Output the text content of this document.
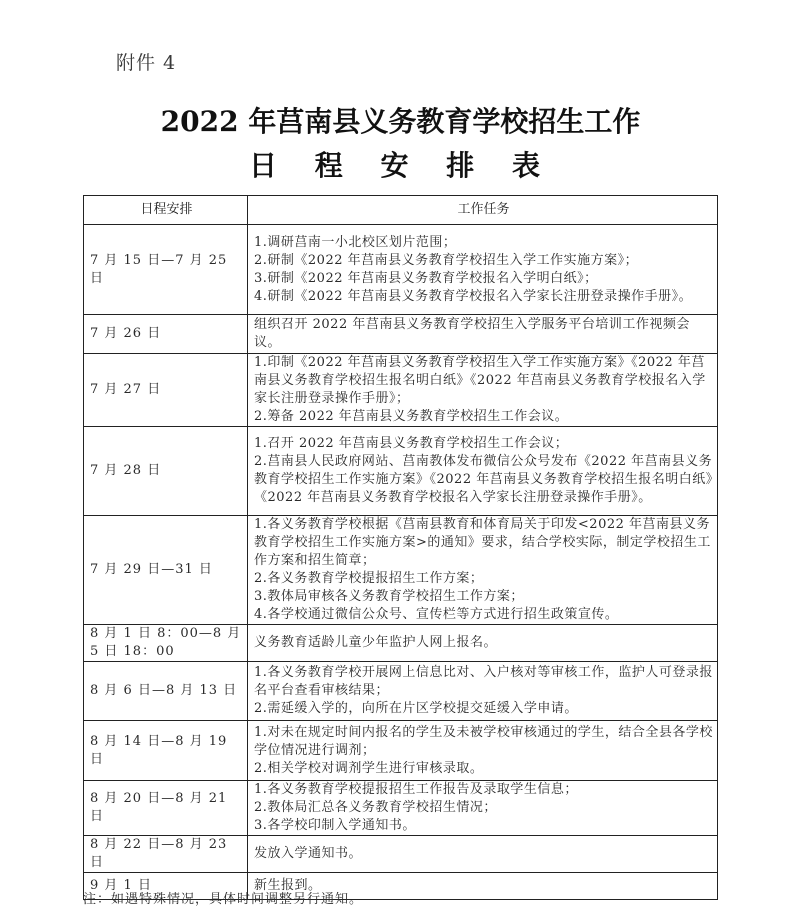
附件 4
2022 年莒南县义务教育学校招生工作
日 程 安 排 表
日程安排	工作任务
7 月 15 日—7 月 25 日	1.调研莒南一小北校区划片范围；
2.研制《2022 年莒南县义务教育学校招生入学工作实施方案》；
3.研制《2022 年莒南县义务教育学校报名入学明白纸》；
4.研制《2022 年莒南县义务教育学校报名入学家长注册登录操作手册》。

7 月 26 日	组织召开 2022 年莒南县义务教育学校招生入学服务平台培训工作视频会议。

7 月 27 日	1.印制《2022 年莒南县义务教育学校招生入学工作实施方案》《2022 年莒南县义务教育学校招生报名明白纸》《2022 年莒南县义务教育学校报名入学家长注册登录操作手册》；
2.筹备 2022 年莒南县义务教育学校招生工作会议。

7 月 28 日	1.召开 2022 年莒南县义务教育学校招生工作会议；
2.莒南县人民政府网站、莒南教体发布微信公众号发布《2022 年莒南县义务教育学校招生工作实施方案》《2022 年莒南县义务教育学校招生报名明白纸》《2022 年莒南县义务教育学校报名入学家长注册登录操作手册》。

7 月 29 日—31 日	1.各义务教育学校根据《莒南县教育和体育局关于印发<2022 年莒南县义务教育学校招生工作实施方案>的通知》要求，结合学校实际，制定学校招生工作方案和招生简章；
2.各义务教育学校提报招生工作方案；
3.教体局审核各义务教育学校招生工作方案；
4.各学校通过微信公众号、宣传栏等方式进行招生政策宣传。

8 月 1 日 8：00—8 月 5 日 18：00	义务教育适龄儿童少年监护人网上报名。

8 月 6 日—8 月 13 日	1.各义务教育学校开展网上信息比对、入户核对等审核工作，监护人可登录报名平台查看审核结果；
2.需延缓入学的，向所在片区学校提交延缓入学申请。

8 月 14 日—8 月 19 日	1.对未在规定时间内报名的学生及未被学校审核通过的学生，结合全县各学校学位情况进行调剂；
2.相关学校对调剂学生进行审核录取。

8 月 20 日—8 月 21 日	1.各义务教育学校提报招生工作报告及录取学生信息；
2.教体局汇总各义务教育学校招生情况；
3.各学校印制入学通知书。

8 月 22 日—8 月 23 日	发放入学通知书。

9 月 1 日	新生报到。
注：如遇特殊情况，具体时间调整另行通知。
